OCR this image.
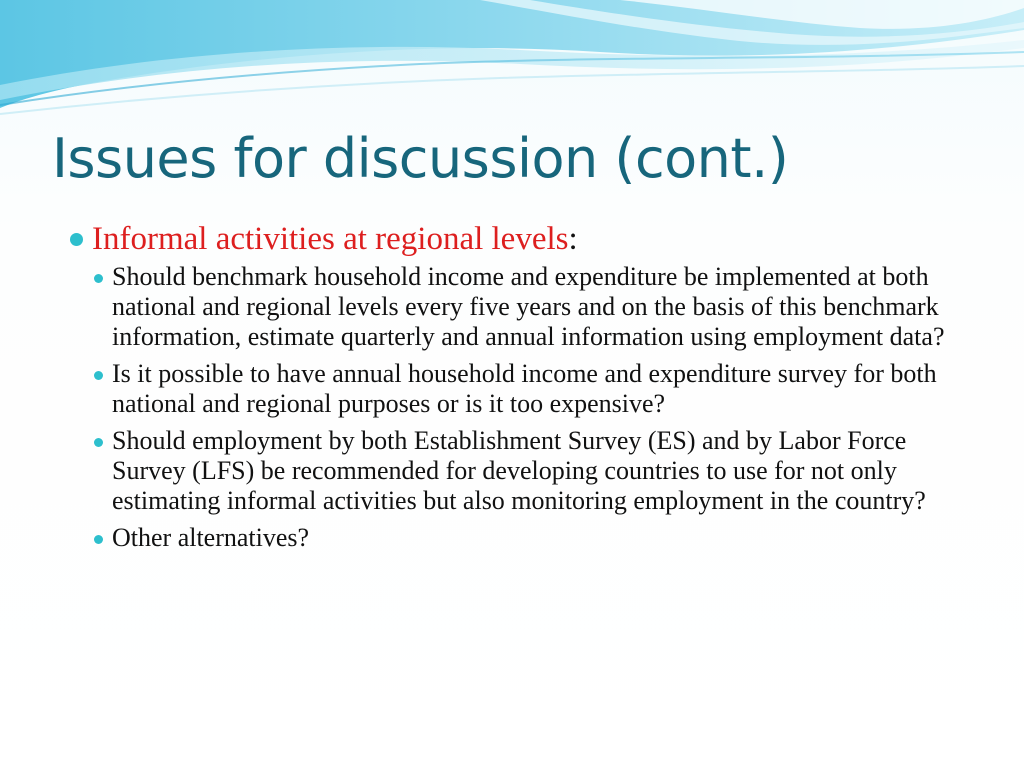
Issues for discussion (cont.)
Informal activities at regional levels:
Should benchmark household income and expenditure be implemented at both national and regional levels every five years and on the basis of this benchmark information, estimate quarterly and annual information using employment data?
Is it possible to have annual household income and expenditure survey for both national and regional purposes or is it too expensive?
Should employment by both Establishment Survey (ES) and by Labor Force Survey (LFS) be recommended for developing countries to use for not only estimating informal activities but also monitoring employment in the country?
Other alternatives?
